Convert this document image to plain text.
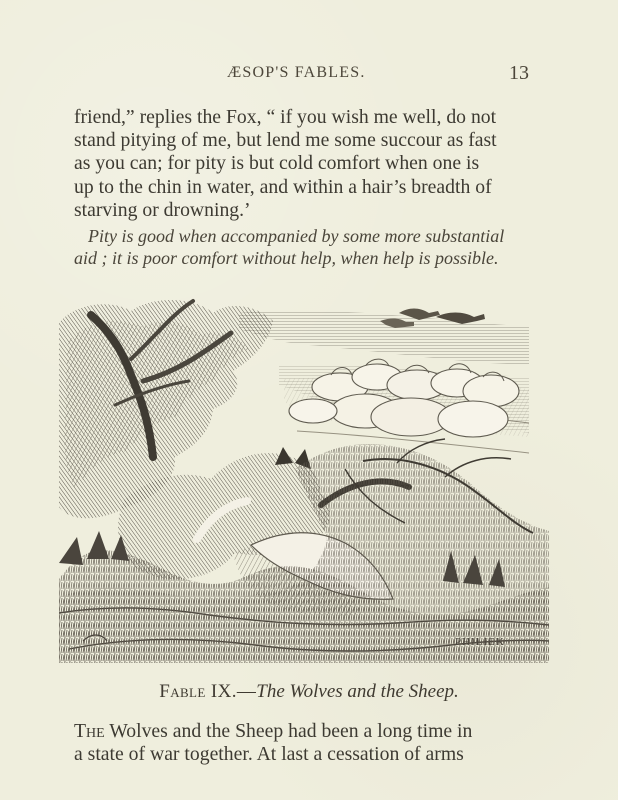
ÆSOP'S FABLES.	13
friend,” replies the Fox, “ if you wish me well, do not
stand pitying of me, but lend me some succour as fast
as you can; for pity is but cold comfort when one is
up to the chin in water, and within a hair’s breadth of
starving or drowning.’
Pity is good when accompanied by some more substantial
aid ; it is poor comfort without help, when help is possible.
PHILIEK
Fable IX.—The Wolves and the Sheep.
The Wolves and the Sheep had been a long time in
a state of war together. At last a cessation of arms
